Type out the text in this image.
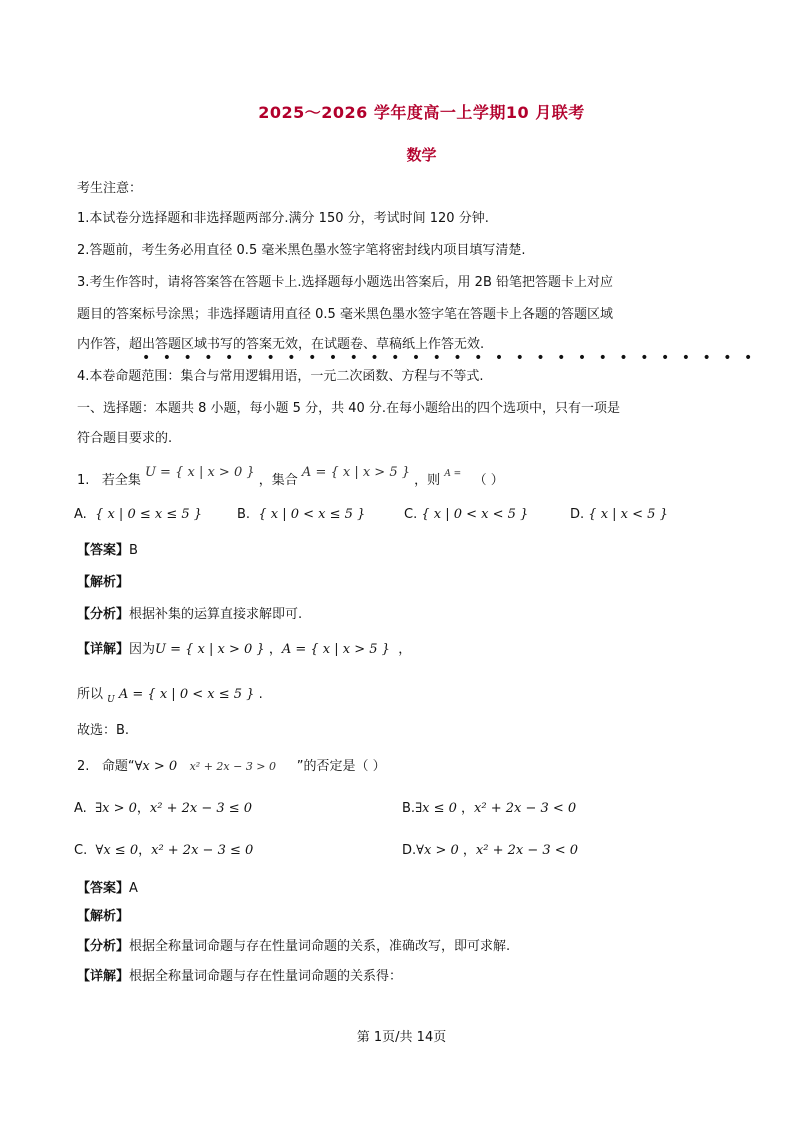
2025～2026 学年度高一上学期10 月联考
数学
考生注意：
1.本试卷分选择题和非选择题两部分.满分 150 分，考试时间 120 分钟.
2.答题前，考生务必用直径 0.5 毫米黑色墨水签字笔将密封线内项目填写清楚.
3.考生作答时，请将答案答在答题卡上.选择题每小题选出答案后，用 2B 铅笔把答题卡上对应
题目的答案标号涂黑；非选择题请用直径 0.5 毫米黑色墨水签字笔在答题卡上各题的答题区域
内作答，超出答题区域书写的答案无效，在试题卷、草稿纸上作答无效.
••••••••••••••••••••••••••••••
4.本卷命题范围：集合与常用逻辑用语，一元二次函数、方程与不等式.
一、选择题：本题共 8 小题，每小题 5 分，共 40 分.在每小题给出的四个选项中，只有一项是
符合题目要求的.
1. 若全集 U = { x | x > 0 } ，集合 A = { x | x > 5 } ，则 $^{A =}$ （ ）
A. { x | 0 ≤ x ≤ 5 }	B. { x | 0 < x ≤ 5 }	C. { x | 0 < x < 5 }	D. { x | x < 5 }
【答案】B
【解析】
【分析】根据补集的运算直接求解即可.
【详解】因为U = { x | x > 0 } ，A = { x | x > 5 } ，
所以 $_U$ A = { x | 0 < x ≤ 5 } .
故选：B.
2. 命题“∀x > 0 x² + 2x − 3 > 0 ”的否定是（ ）
A. ∃x > 0，x² + 2x − 3 ≤ 0	B.∃x ≤ 0 ，x² + 2x − 3 < 0
C. ∀x ≤ 0，x² + 2x − 3 ≤ 0	D.∀x > 0 ，x² + 2x − 3 < 0
【答案】A
【解析】
【分析】根据全称量词命题与存在性量词命题的关系，准确改写，即可求解.
【详解】根据全称量词命题与存在性量词命题的关系得：
第 1页/共 14页
